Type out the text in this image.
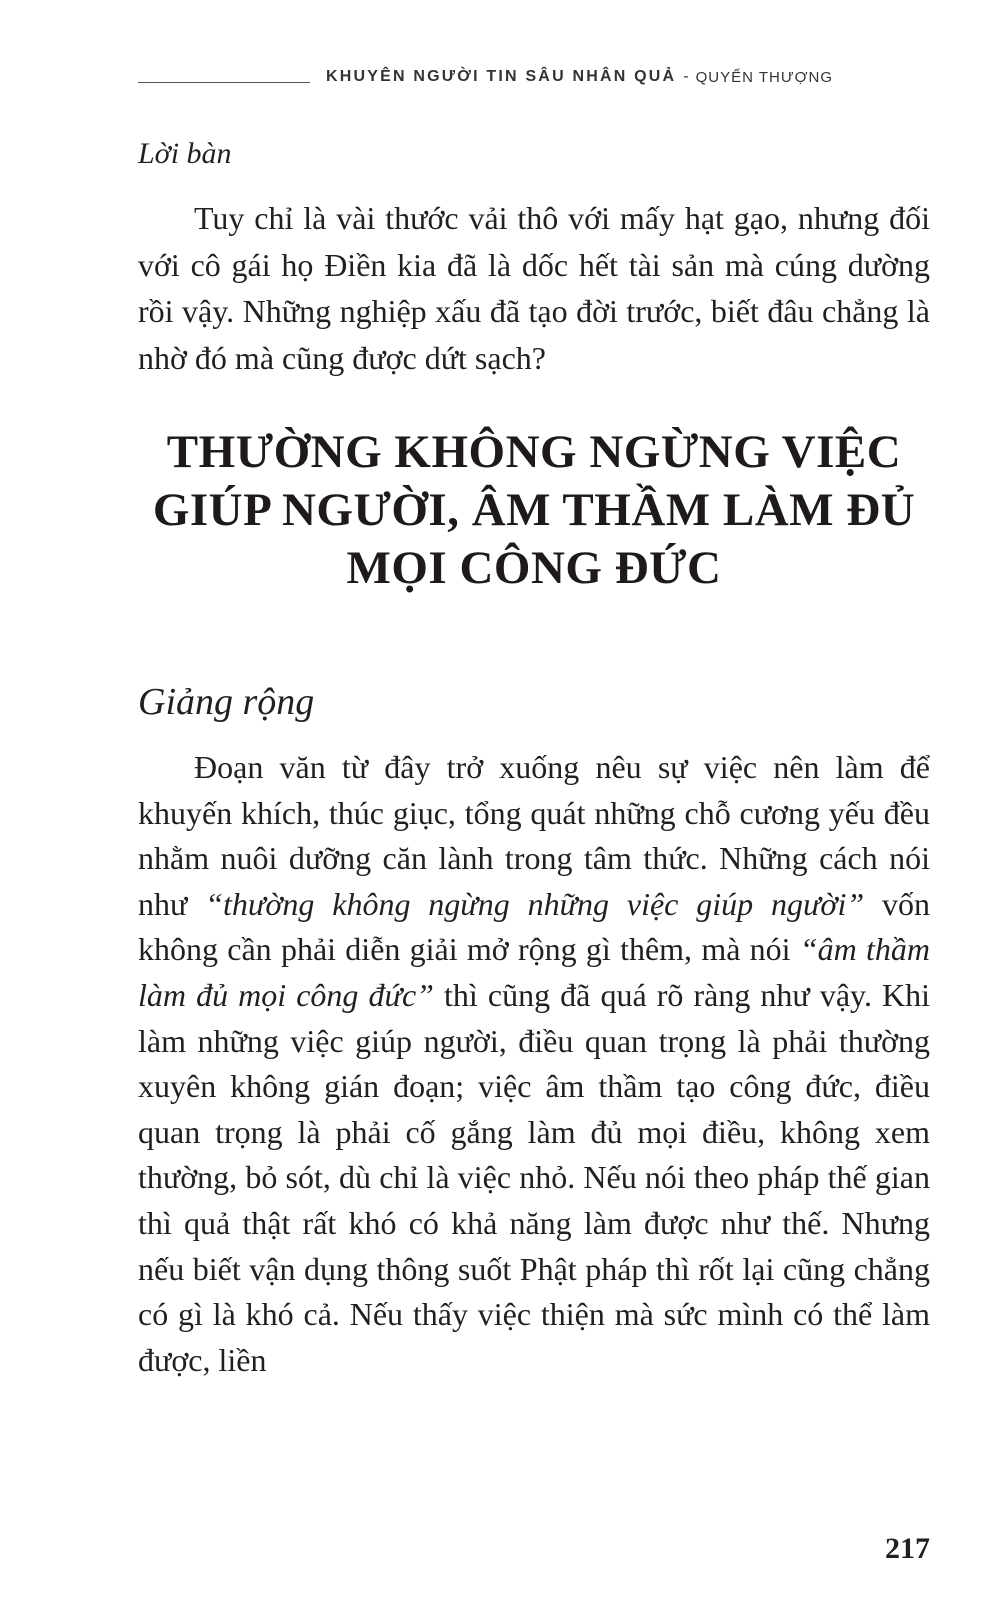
KHUYÊN NGƯỜI TIN SÂU NHÂN QUẢ - QUYỂN THƯỢNG
Lời bàn

Tuy chỉ là vài thước vải thô với mấy hạt gạo, nhưng đối với cô gái họ Điền kia đã là dốc hết tài sản mà cúng dường rồi vậy. Những nghiệp xấu đã tạo đời trước, biết đâu chẳng là nhờ đó mà cũng được dứt sạch?

THƯỜNG KHÔNG NGỪNG VIỆC
GIÚP NGƯỜI, ÂM THẦM LÀM ĐỦ
MỌI CÔNG ĐỨC
Giảng rộng

Đoạn văn từ đây trở xuống nêu sự việc nên làm để khuyến khích, thúc giục, tổng quát những chỗ cương yếu đều nhằm nuôi dưỡng căn lành trong tâm thức. Những cách nói như “thường không ngừng những việc giúp người” vốn không cần phải diễn giải mở rộng gì thêm, mà nói “âm thầm làm đủ mọi công đức” thì cũng đã quá rõ ràng như vậy. Khi làm những việc giúp người, điều quan trọng là phải thường xuyên không gián đoạn; việc âm thầm tạo công đức, điều quan trọng là phải cố gắng làm đủ mọi điều, không xem thường, bỏ sót, dù chỉ là việc nhỏ. Nếu nói theo pháp thế gian thì quả thật rất khó có khả năng làm được như thế. Nhưng nếu biết vận dụng thông suốt Phật pháp thì rốt lại cũng chẳng có gì là khó cả. Nếu thấy việc thiện mà sức mình có thể làm được, liền

217
